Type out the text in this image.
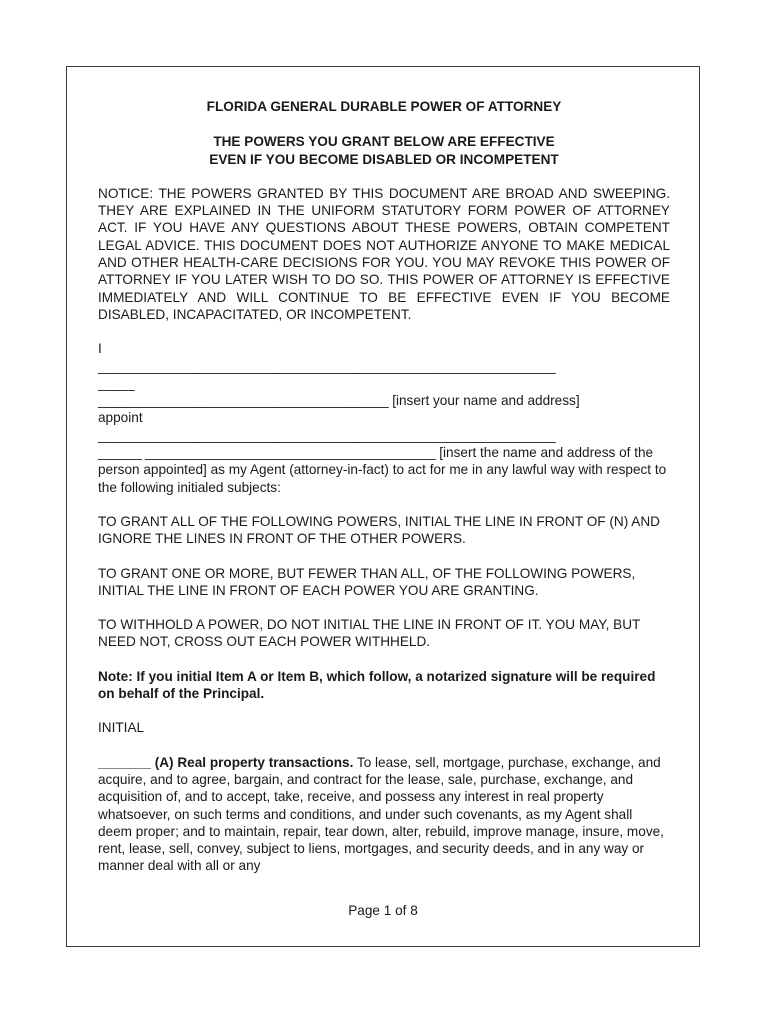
FLORIDA GENERAL DURABLE POWER OF ATTORNEY

THE POWERS YOU GRANT BELOW ARE EFFECTIVE

EVEN IF YOU BECOME DISABLED OR INCOMPETENT

NOTICE: THE POWERS GRANTED BY THIS DOCUMENT ARE BROAD AND SWEEPING. THEY ARE EXPLAINED IN THE UNIFORM STATUTORY FORM POWER OF ATTORNEY ACT. IF YOU HAVE ANY QUESTIONS ABOUT THESE POWERS, OBTAIN COMPETENT LEGAL ADVICE. THIS DOCUMENT DOES NOT AUTHORIZE ANYONE TO MAKE MEDICAL AND OTHER HEALTH-CARE DECISIONS FOR YOU. YOU MAY REVOKE THIS POWER OF ATTORNEY IF YOU LATER WISH TO DO SO. THIS POWER OF ATTORNEY IS EFFECTIVE IMMEDIATELY AND WILL CONTINUE TO BE EFFECTIVE EVEN IF YOU BECOME DISABLED, INCAPACITATED, OR INCOMPETENT.

I
_______________________________________________________________
_____
________________________________________ [insert your name and address]
appoint
_______________________________________________________________

______ ________________________________________ [insert the name and address of the person appointed] as my Agent (attorney-in-fact) to act for me in any lawful way with respect to the following initialed subjects:

TO GRANT ALL OF THE FOLLOWING POWERS, INITIAL THE LINE IN FRONT OF (N) AND IGNORE THE LINES IN FRONT OF THE OTHER POWERS.

TO GRANT ONE OR MORE, BUT FEWER THAN ALL, OF THE FOLLOWING POWERS, INITIAL THE LINE IN FRONT OF EACH POWER YOU ARE GRANTING.

TO WITHHOLD A POWER, DO NOT INITIAL THE LINE IN FRONT OF IT. YOU MAY, BUT NEED NOT, CROSS OUT EACH POWER WITHHELD.

Note: If you initial Item A or Item B, which follow, a notarized signature will be required on behalf of the Principal.

INITIAL

_______ (A) Real property transactions. To lease, sell, mortgage, purchase, exchange, and acquire, and to agree, bargain, and contract for the lease, sale, purchase, exchange, and acquisition of, and to accept, take, receive, and possess any interest in real property whatsoever, on such terms and conditions, and under such covenants, as my Agent shall deem proper; and to maintain, repair, tear down, alter, rebuild, improve manage, insure, move, rent, lease, sell, convey, subject to liens, mortgages, and security deeds, and in any way or manner deal with all or any

Page 1 of 8
